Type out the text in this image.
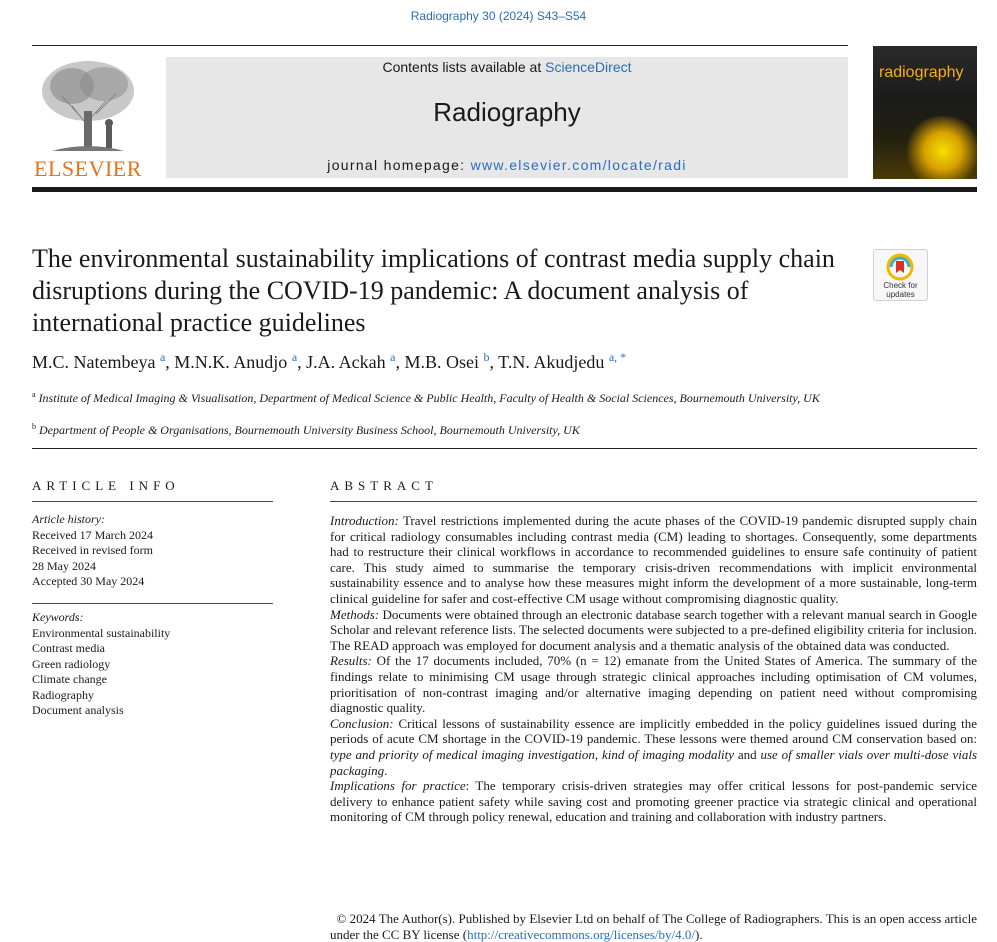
Radiography 30 (2024) S43–S54
ELSEVIER
Contents lists available at ScienceDirect
Radiography
journal homepage: www.elsevier.com/locate/radi
radiography
The environmental sustainability implications of contrast media supply chain disruptions during the COVID-19 pandemic: A document analysis of international practice guidelines
Check for updates
M.C. Natembeya $^a$, M.N.K. Anudjo $^a$, J.A. Ackah $^a$, M.B. Osei $^b$, T.N. Akudjedu $^{a, *}$
$^a$ Institute of Medical Imaging & Visualisation, Department of Medical Science & Public Health, Faculty of Health & Social Sciences, Bournemouth University, UK
$^b$ Department of People & Organisations, Bournemouth University Business School, Bournemouth University, UK
ARTICLE INFO
Article history:
Received 17 March 2024
Received in revised form
28 May 2024
Accepted 30 May 2024
Keywords:
Environmental sustainability
Contrast media
Green radiology
Climate change
Radiography
Document analysis
ABSTRACT

Introduction: Travel restrictions implemented during the acute phases of the COVID-19 pandemic disrupted supply chain for critical radiology consumables including contrast media (CM) leading to shortages. Consequently, some departments had to restructure their clinical workflows in accordance to recommended guidelines to ensure safe continuity of patient care. This study aimed to summarise the temporary crisis-driven recommendations with implicit environmental sustainability essence and to analyse how these measures might inform the development of a more sustainable, long-term clinical guideline for safer and cost-effective CM usage without compromising diagnostic quality.

Methods: Documents were obtained through an electronic database search together with a relevant manual search in Google Scholar and relevant reference lists. The selected documents were subjected to a pre-defined eligibility criteria for inclusion. The READ approach was employed for document analysis and a thematic analysis of the obtained data was conducted.

Results: Of the 17 documents included, 70% (n = 12) emanate from the United States of America. The summary of the findings relate to minimising CM usage through strategic clinical approaches including optimisation of CM volumes, prioritisation of non-contrast imaging and/or alternative imaging depending on patient need without compromising diagnostic quality.

Conclusion: Critical lessons of sustainability essence are implicitly embedded in the policy guidelines issued during the periods of acute CM shortage in the COVID-19 pandemic. These lessons were themed around CM conservation based on: type and priority of medical imaging investigation, kind of imaging modality and use of smaller vials over multi-dose vials packaging.

Implications for practice: The temporary crisis-driven strategies may offer critical lessons for post-pandemic service delivery to enhance patient safety while saving cost and promoting greener practice via strategic clinical and operational monitoring of CM through policy renewal, education and training and collaboration with industry partners.

© 2024 The Author(s). Published by Elsevier Ltd on behalf of The College of Radiographers. This is an open access article under the CC BY license (http://creativecommons.org/licenses/by/4.0/).
